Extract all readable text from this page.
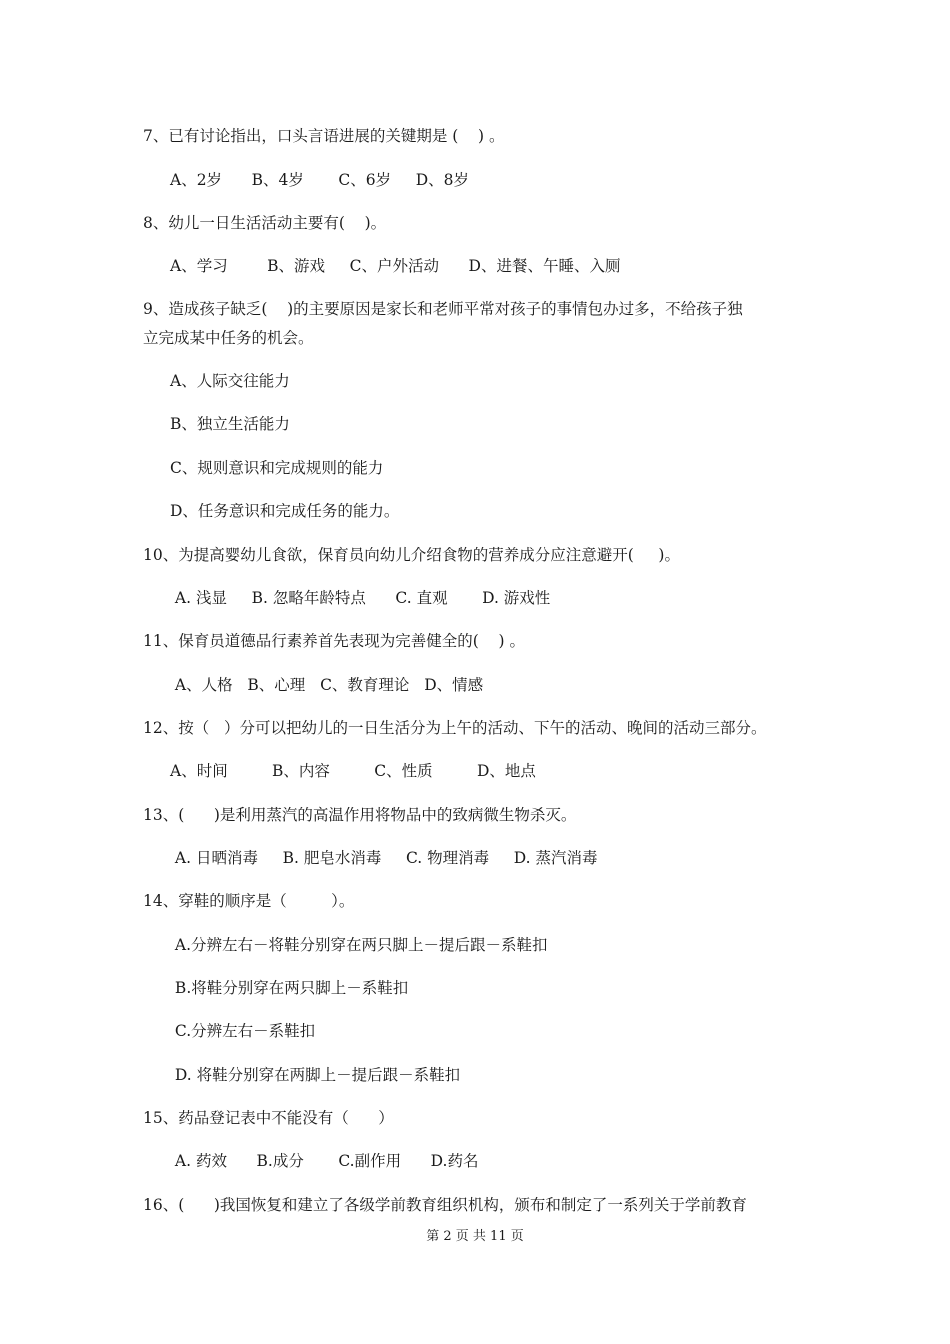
7、已有讨论指出，口头言语进展的关键期是 (    ) 。
A、2岁      B、4岁       C、6岁     D、8岁
8、幼儿一日生活活动主要有(    )。
A、学习        B、游戏     C、户外活动      D、进餐、午睡、入厕
9、造成孩子缺乏(    )的主要原因是家长和老师平常对孩子的事情包办过多，不给孩子独
立完成某中任务的机会。
A、人际交往能力
B、独立生活能力
C、规则意识和完成规则的能力
D、任务意识和完成任务的能力。
10、为提高婴幼儿食欲，保育员向幼儿介绍食物的营养成分应注意避开(     )。
A. 浅显     B. 忽略年龄特点      C. 直观       D. 游戏性
11、保育员道德品行素养首先表现为完善健全的(    ) 。
A、人格   B、心理   C、教育理论   D、情感
12、按（   ）分可以把幼儿的一日生活分为上午的活动、下午的活动、晚间的活动三部分。
A、时间         B、内容         C、性质         D、地点
13、(      )是利用蒸汽的高温作用将物品中的致病微生物杀灭。
A. 日晒消毒     B. 肥皂水消毒     C. 物理消毒     D. 蒸汽消毒
14、穿鞋的顺序是（         ）。
A.分辨左右－将鞋分别穿在两只脚上－提后跟－系鞋扣
B.将鞋分别穿在两只脚上－系鞋扣
C.分辨左右－系鞋扣
D. 将鞋分别穿在两脚上－提后跟－系鞋扣
15、药品登记表中不能没有（      ）
A. 药效      B.成分       C.副作用      D.药名
16、(      )我国恢复和建立了各级学前教育组织机构，颁布和制定了一系列关于学前教育
第 2 页 共 11 页
